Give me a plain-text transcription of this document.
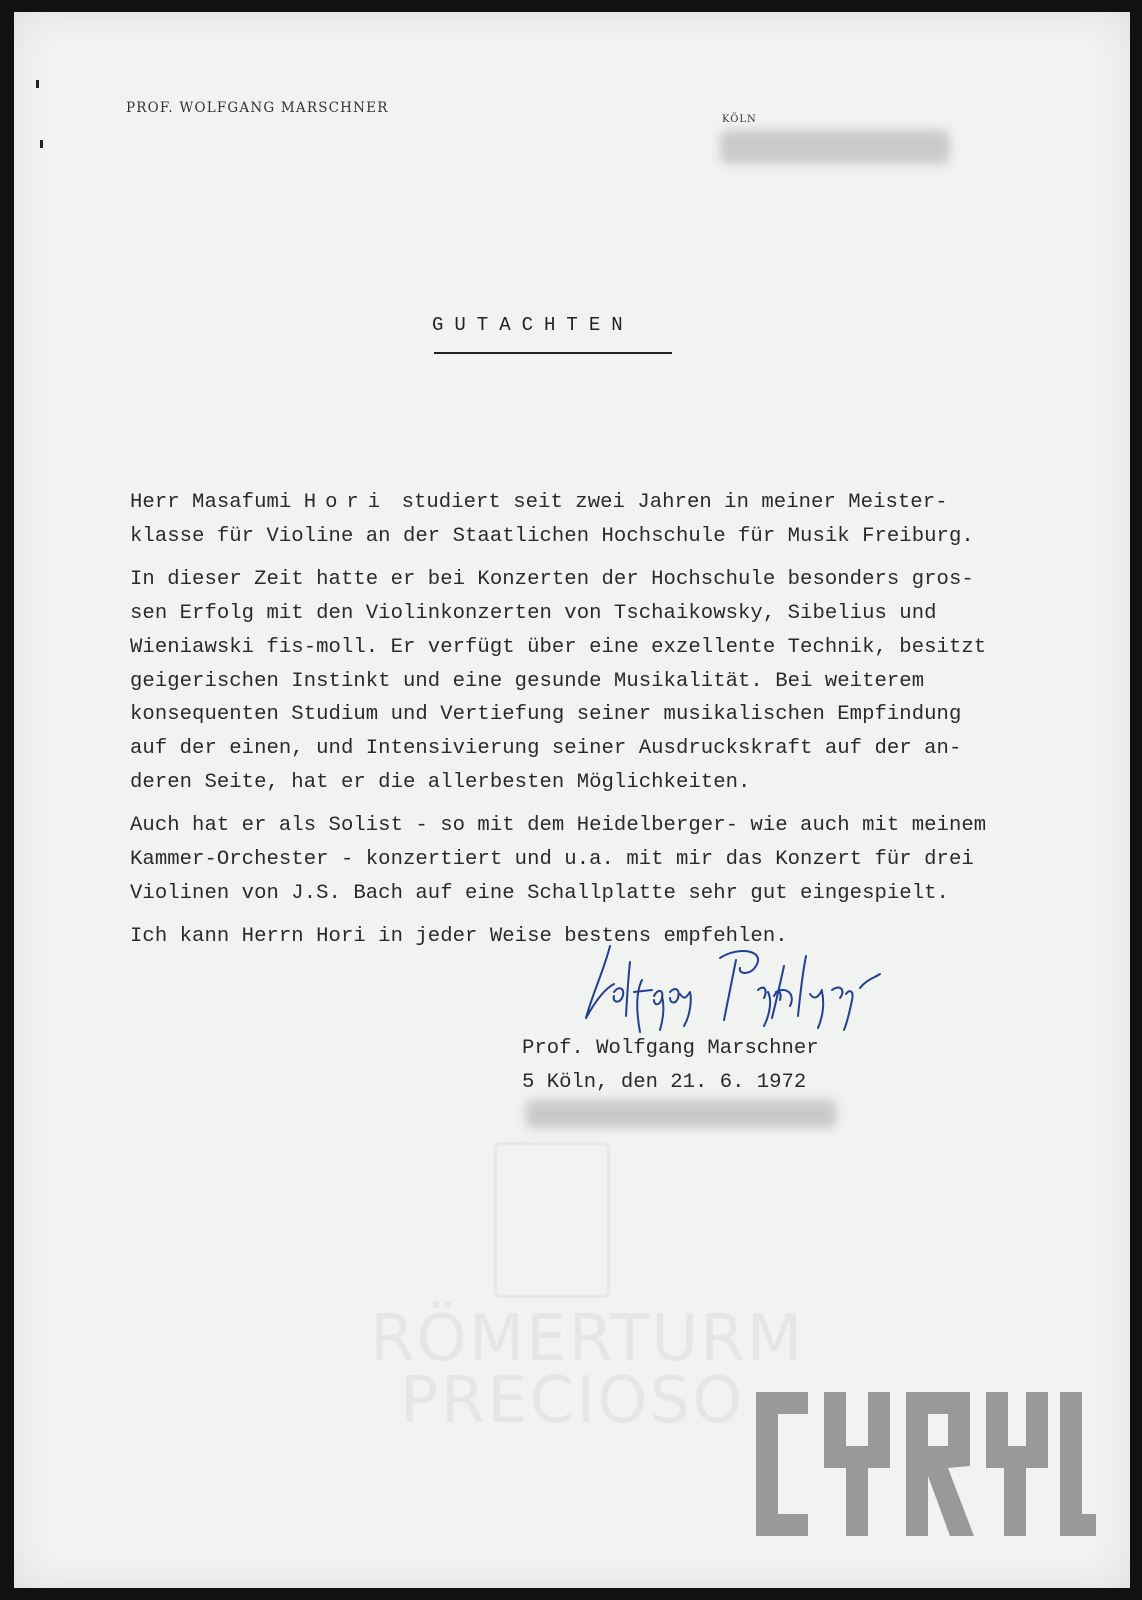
PROF. WOLFGANG MARSCHNER
KÖLN
GUTACHTEN

Herr Masafumi Hori studiert seit zwei Jahren in meiner Meister-
klasse für Violine an der Staatlichen Hochschule für Musik Freiburg.

In dieser Zeit hatte er bei Konzerten der Hochschule besonders gros-
sen Erfolg mit den Violinkonzerten von Tschaikowsky, Sibelius und
Wieniawski fis-moll. Er verfügt über eine exzellente Technik, besitzt
geigerischen Instinkt und eine gesunde Musikalität. Bei weiterem
konsequenten Studium und Vertiefung seiner musikalischen Empfindung
auf der einen, und Intensivierung seiner Ausdruckskraft auf der an-
deren Seite, hat er die allerbesten Möglichkeiten.

Auch hat er als Solist - so mit dem Heidelberger- wie auch mit meinem
Kammer-Orchester - konzertiert und u.a. mit mir das Konzert für drei
Violinen von J.S. Bach auf eine Schallplatte sehr gut eingespielt.

Ich kann Herrn Hori in jeder Weise bestens empfehlen.

Prof. Wolfgang Marschner
5 Köln, den 21. 6. 1972
RÖMERTURM
PRECIOSO
